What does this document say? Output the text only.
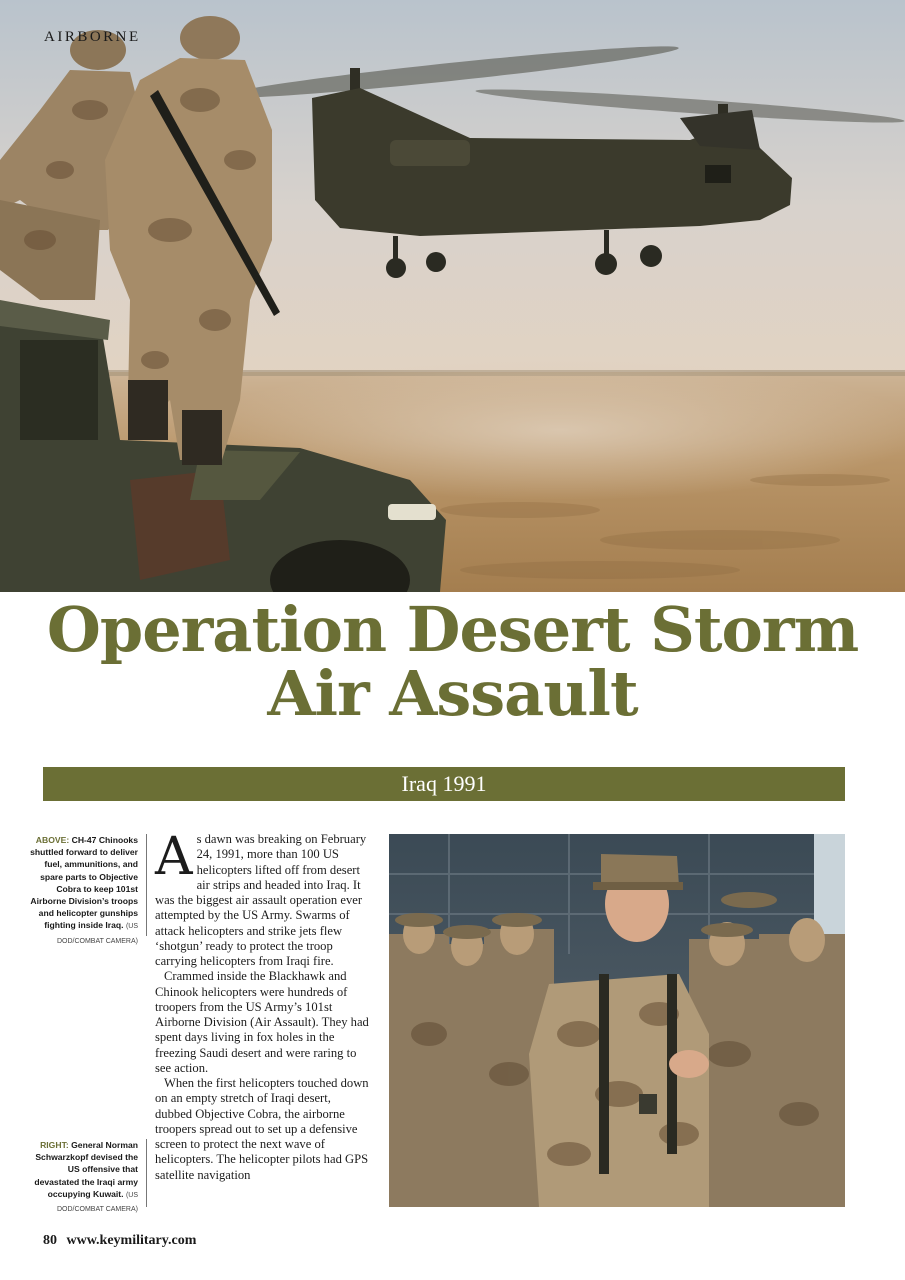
AIRBORNE
Operation Desert Storm
Air Assault
Iraq 1991
ABOVE: CH-47 Chinooks shuttled forward to deliver fuel, ammunitions, and spare parts to Objective Cobra to keep 101st Airborne Division’s troops and helicopter gunships fighting inside Iraq. (US DOD/COMBAT CAMERA)
RIGHT: General Norman Schwarzkopf devised the US offensive that devastated the Iraqi army occupying Kuwait. (US DOD/COMBAT CAMERA)

As dawn was breaking on February 24, 1991, more than 100 US helicopters lifted off from desert air strips and headed into Iraq. It was the biggest air assault operation ever attempted by the US Army. Swarms of attack helicopters and strike jets flew ‘shotgun’ ready to protect the troop carrying helicopters from Iraqi fire.

Crammed inside the Blackhawk and Chinook helicopters were hundreds of troopers from the US Army’s 101st Airborne Division (Air Assault). They had spent days living in fox holes in the freezing Saudi desert and were raring to see action.

When the first helicopters touched down on an empty stretch of Iraqi desert, dubbed Objective Cobra, the airborne troopers spread out to set up a defensive screen to protect the next wave of helicopters. The helicopter pilots had GPS satellite navigation

80 www.keymilitary.com
